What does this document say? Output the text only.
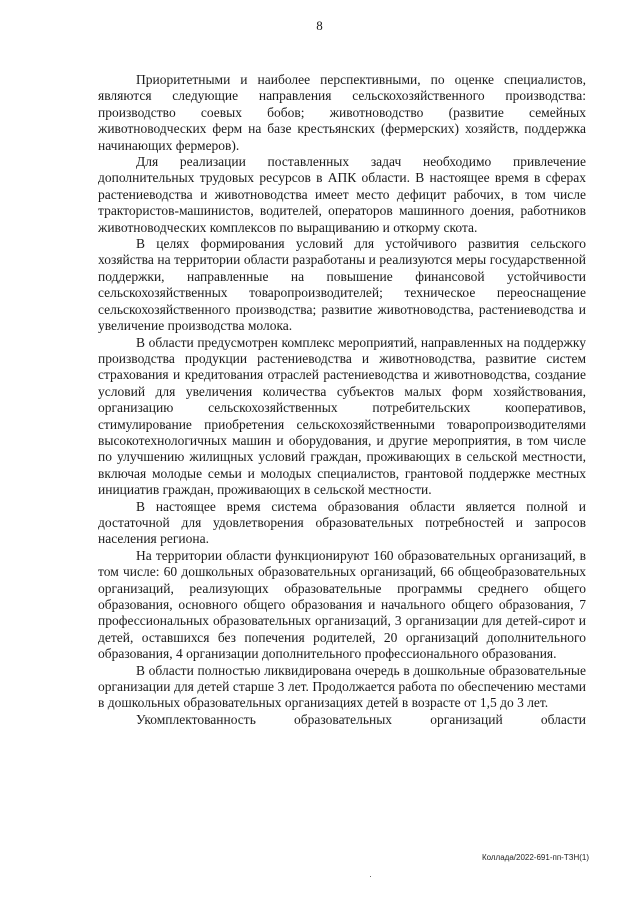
8

Приоритетными и наиболее перспективными, по оценке специалистов, являются следующие направления сельскохозяйственного производства: производство соевых бобов; животноводство (развитие семейных животноводческих ферм на базе крестьянских (фермерских) хозяйств, поддержка начинающих фермеров).

Для реализации поставленных задач необходимо привлечение дополнительных трудовых ресурсов в АПК области. В настоящее время в сферах растениеводства и животноводства имеет место дефицит рабочих, в том числе трактористов-машинистов, водителей, операторов машинного доения, работников животноводческих комплексов по выращиванию и откорму скота.

В целях формирования условий для устойчивого развития сельского хозяйства на территории области разработаны и реализуются меры государственной поддержки, направленные на повышение финансовой устойчивости сельскохозяйственных товаропроизводителей; техническое переоснащение сельскохозяйственного производства; развитие животноводства, растениеводства и увеличение производства молока.

В области предусмотрен комплекс мероприятий, направленных на поддержку производства продукции растениеводства и животноводства, развитие систем страхования и кредитования отраслей растениеводства и животноводства, создание условий для увеличения количества субъектов малых форм хозяйствования, организацию сельскохозяйственных потребительских кооперативов, стимулирование приобретения сельскохозяйственными товаропроизводителями высокотехнологичных машин и оборудования, и другие мероприятия, в том числе по улучшению жилищных условий граждан, проживающих в сельской местности, включая молодые семьи и молодых специалистов, грантовой поддержке местных инициатив граждан, проживающих в сельской местности.

В настоящее время система образования области является полной и достаточной для удовлетворения образовательных потребностей и запросов населения региона.

На территории области функционируют 160 образовательных организаций, в том числе: 60 дошкольных образовательных организаций, 66 общеобразовательных организаций, реализующих образовательные программы среднего общего образования, основного общего образования и начального общего образования, 7 профессиональных образовательных организаций, 3 организации для детей-сирот и детей, оставшихся без попечения родителей, 20 организаций дополнительного образования, 4 организации дополнительного профессионального образования.

В области полностью ликвидирована очередь в дошкольные образовательные организации для детей старше 3 лет. Продолжается работа по обеспечению местами в дошкольных образовательных организациях детей в возрасте от 1,5 до 3 лет.

Укомплектованность образовательных организаций области

Коллада/2022-691-пп-ТЗН(1)
